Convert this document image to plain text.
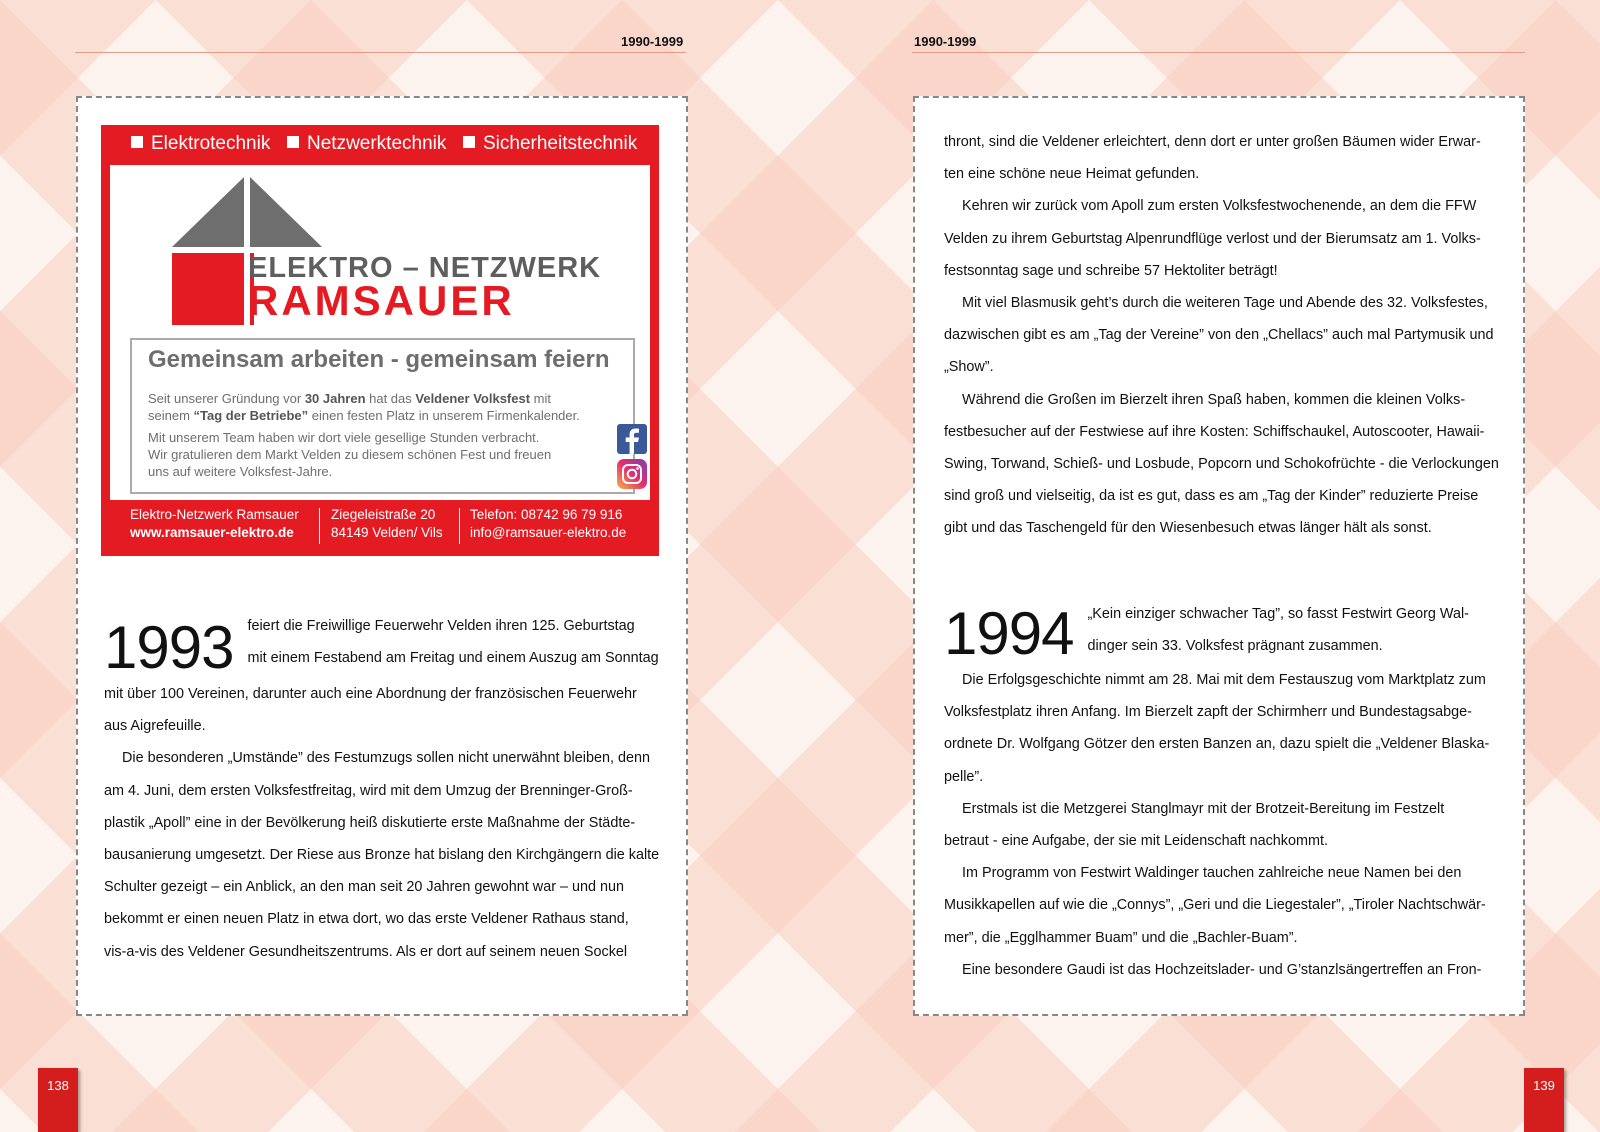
1990-1999	1990-1999
Elektrotechnik	Netzwerktechnik	Sicherheitstechnik
ELEKTRO – NETZWERK
RAMSAUER
Gemeinsam arbeiten - gemeinsam feiern
Seit unserer Gründung vor 30 Jahren hat das Veldener Volksfest mit
seinem “Tag der Betriebe” einen festen Platz in unserem Firmenkalender.
Mit unserem Team haben wir dort viele gesellige Stunden verbracht.
Wir gratulieren dem Markt Velden zu diesem schönen Fest und freuen
uns auf weitere Volksfest-Jahre.
Elektro-Netzwerk Ramsauer
www.ramsauer-elektro.de
Ziegeleistraße 20
84149 Velden/ Vils
Telefon: 08742 96 79 916
info@ramsauer-elektro.de
1993 feiert die Freiwillige Feuerwehr Velden ihren 125. Geburtstag

mit einem Festabend am Freitag und einem Auszug am Sonntag

mit über 100 Vereinen, darunter auch eine Abordnung der französischen Feuerwehr

aus Aigrefeuille.

Die besonderen „Umstände” des Festumzugs sollen nicht unerwähnt bleiben, denn

am 4. Juni, dem ersten Volksfestfreitag, wird mit dem Umzug der Brenninger-Groß-

plastik „Apoll” eine in der Bevölkerung heiß diskutierte erste Maßnahme der Städte-

bausanierung umgesetzt. Der Riese aus Bronze hat bislang den Kirchgängern die kalte

Schulter gezeigt – ein Anblick, an den man seit 20 Jahren gewohnt war – und nun

bekommt er einen neuen Platz in etwa dort, wo das erste Veldener Rathaus stand,

vis-a-vis des Veldener Gesundheitszentrums. Als er dort auf seinem neuen Sockel

thront, sind die Veldener erleichtert, denn dort er unter großen Bäumen wider Erwar-

ten eine schöne neue Heimat gefunden.

Kehren wir zurück vom Apoll zum ersten Volksfestwochenende, an dem die FFW

Velden zu ihrem Geburtstag Alpenrundflüge verlost und der Bierumsatz am 1. Volks-

festsonntag sage und schreibe 57 Hektoliter beträgt!

Mit viel Blasmusik geht’s durch die weiteren Tage und Abende des 32. Volksfestes,

dazwischen gibt es am „Tag der Vereine” von den „Chellacs” auch mal Partymusik und

„Show”.

Während die Großen im Bierzelt ihren Spaß haben, kommen die kleinen Volks-

festbesucher auf der Festwiese auf ihre Kosten: Schiffschaukel, Autoscooter, Hawaii-

Swing, Torwand, Schieß- und Losbude, Popcorn und Schokofrüchte - die Verlockungen

sind groß und vielseitig, da ist es gut, dass es am „Tag der Kinder” reduzierte Preise

gibt und das Taschengeld für den Wiesenbesuch etwas länger hält als sonst.

1994 „Kein einziger schwacher Tag”, so fasst Festwirt Georg Wal-

dinger sein 33. Volksfest prägnant zusammen.

Die Erfolgsgeschichte nimmt am 28. Mai mit dem Festauszug vom Marktplatz zum

Volksfestplatz ihren Anfang. Im Bierzelt zapft der Schirmherr und Bundestagsabge-

ordnete Dr. Wolfgang Götzer den ersten Banzen an, dazu spielt die „Veldener Blaska-

pelle”.

Erstmals ist die Metzgerei Stanglmayr mit der Brotzeit-Bereitung im Festzelt

betraut - eine Aufgabe, der sie mit Leidenschaft nachkommt.

Im Programm von Festwirt Waldinger tauchen zahlreiche neue Namen bei den

Musikkapellen auf wie die „Connys”, „Geri und die Liegestaler”, „Tiroler Nachtschwär-

mer”, die „Egglhammer Buam” und die „Bachler-Buam”.

Eine besondere Gaudi ist das Hochzeitslader- und G’stanzlsängertreffen an Fron-

138	139
